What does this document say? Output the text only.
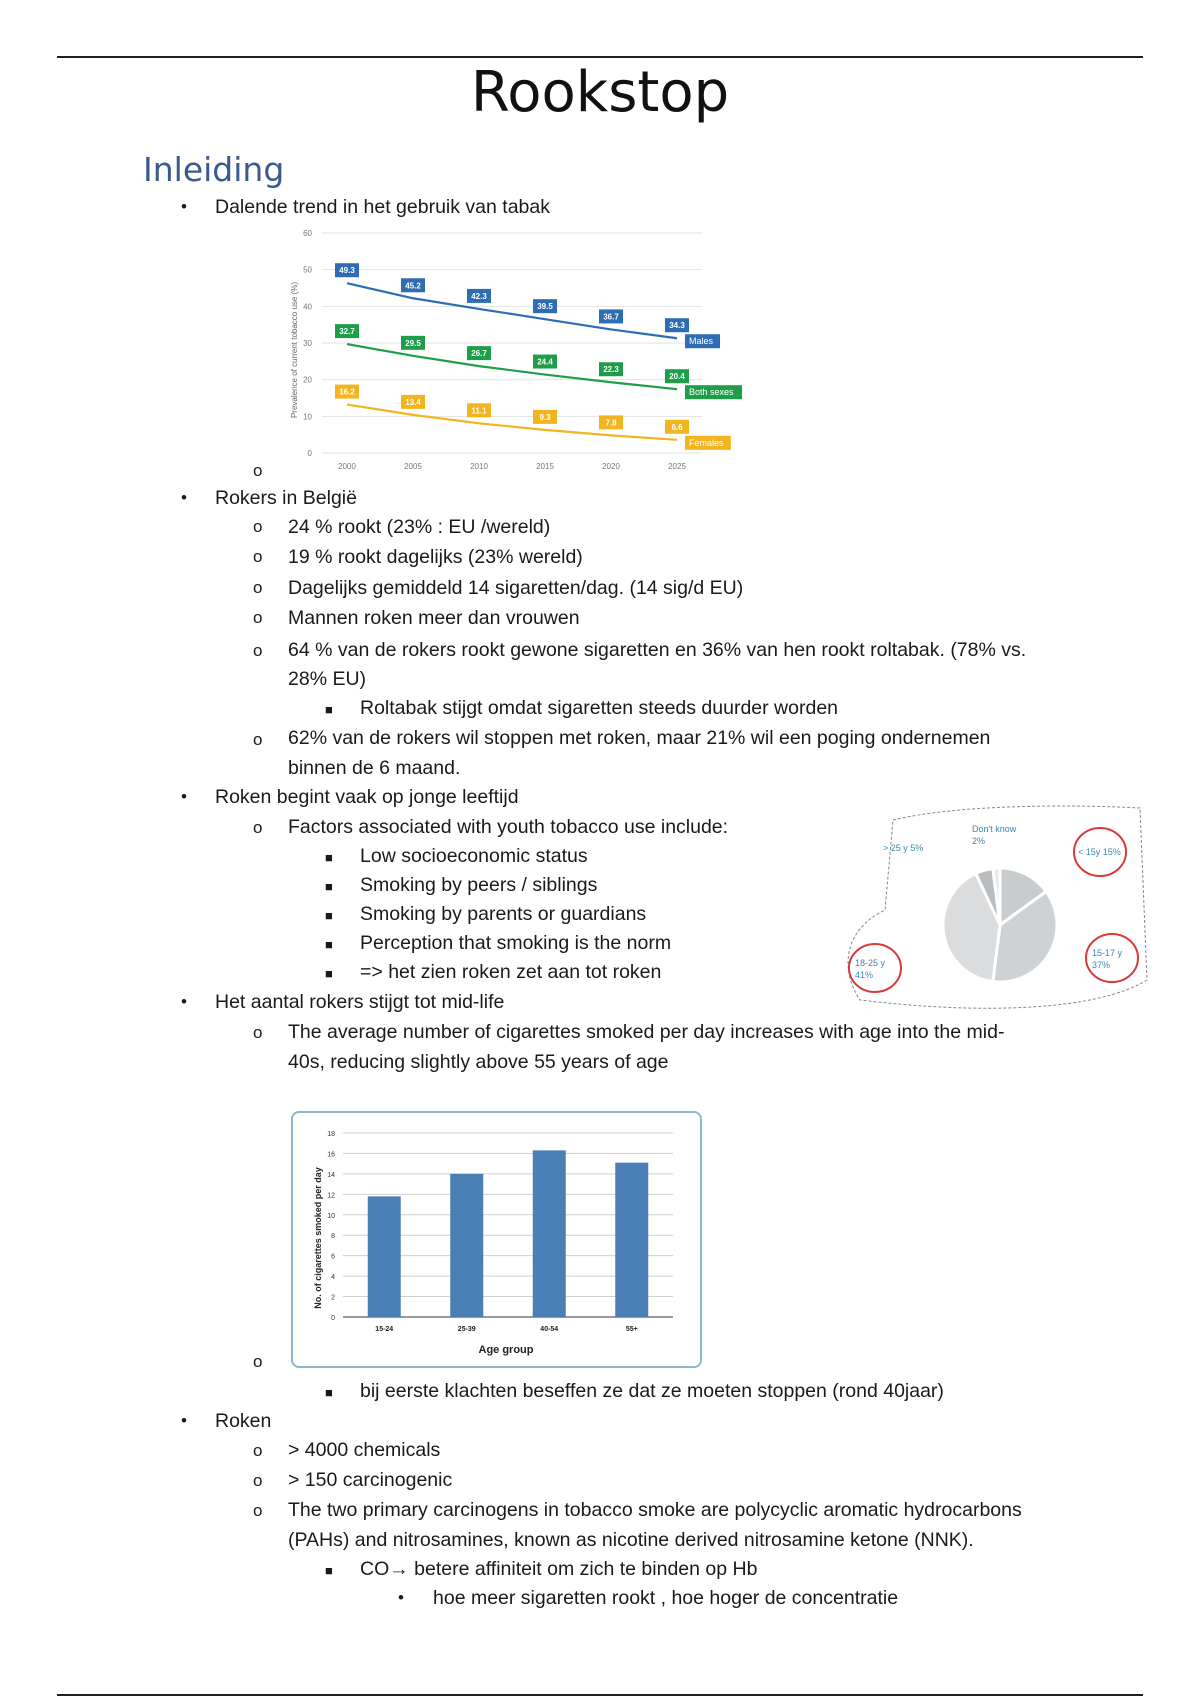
Rookstop
Inleiding
• Dalende trend in het gebruik van tabak
0
10
20
30
40
50
60
2000	2005	2010	2015	2020	2025
49.3
45.2
42.3
39.5
36.7
34.3
Males
32.7
29.5
26.7
24.4
22.3
20.4
Both sexes
16.2
13.4
11.1
9.3
7.8	6.6
Females
Prevalence of current tobacco use (%)
o
• Rokers in België
o 24 % rookt (23% : EU /wereld)
o 19 % rookt dagelijks (23% wereld)
o Dagelijks gemiddeld 14 sigaretten/dag. (14 sig/d EU)
o Mannen roken meer dan vrouwen
o 64 % van de rokers rookt gewone sigaretten en 36% van hen rookt roltabak. (78% vs.
28% EU)
■ Roltabak stijgt omdat sigaretten steeds duurder worden
o 62% van de rokers wil stoppen met roken, maar 21% wil een poging ondernemen
binnen de 6 maand.
• Roken begint vaak op jonge leeftijd
o Factors associated with youth tobacco use include:
■ Low socioeconomic status
■ Smoking by peers / siblings
■ Smoking by parents or guardians
■ Perception that smoking is the norm
■ => het zien roken zet aan tot roken
< 15y 15%
15-17 y
37%
18-25 y
41%
> 25 y 5%
Don't know
2%
• Het aantal rokers stijgt tot mid-life
o The average number of cigarettes smoked per day increases with age into the mid-
40s, reducing slightly above 55 years of age
0
2
4
6
8
10
12
14
16
18
15-24	25-39	40-54	55+
No. of cigarettes smoked per day
Age group
o
■ bij eerste klachten beseffen ze dat ze moeten stoppen (rond 40jaar)
• Roken
o > 4000 chemicals
o > 150 carcinogenic
o The two primary carcinogens in tobacco smoke are polycyclic aromatic hydrocarbons
(PAHs) and nitrosamines, known as nicotine derived nitrosamine ketone (NNK).
■ CO→ betere affiniteit om zich te binden op Hb
• hoe meer sigaretten rookt , hoe hoger de concentratie
